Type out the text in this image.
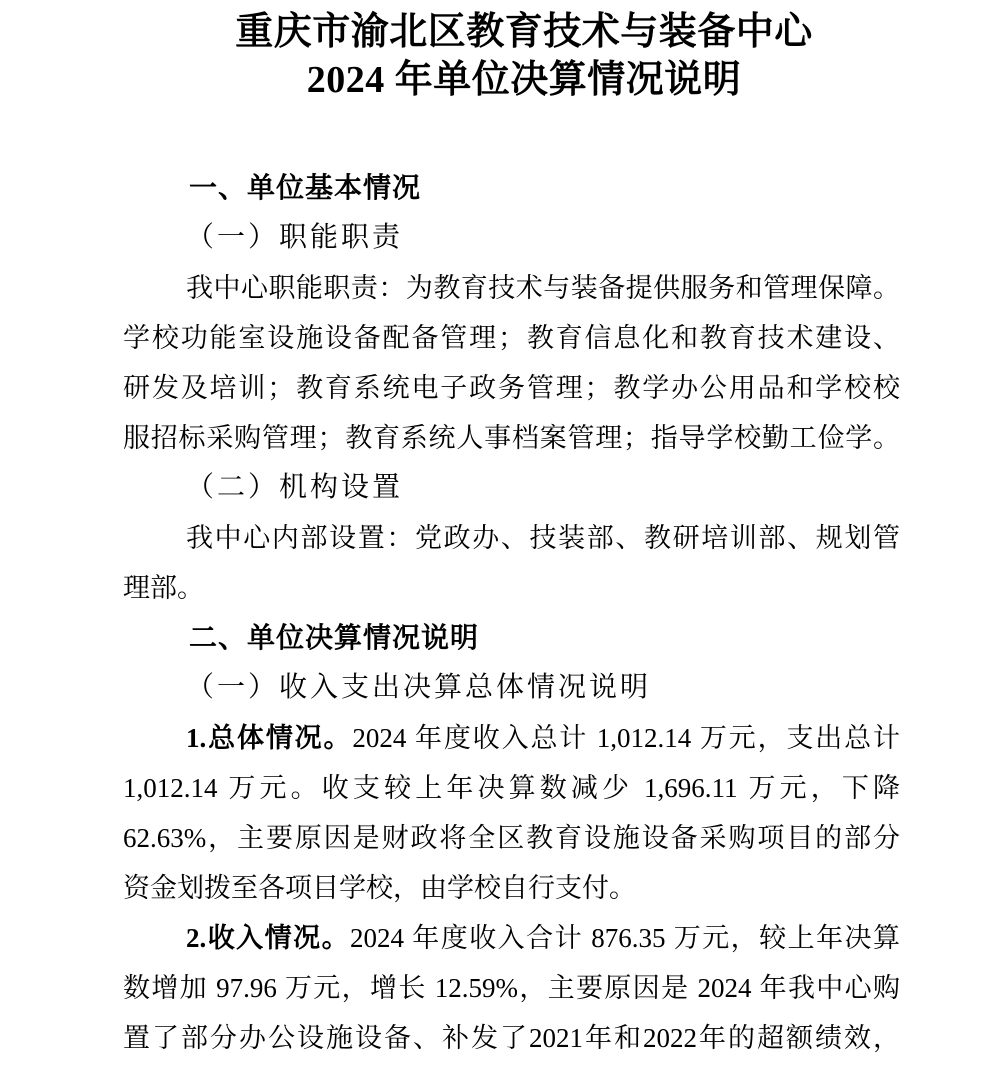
重庆市渝北区教育技术与装备中心
2024 年单位决算情况说明
一、单位基本情况
（一）职能职责
我中心职能职责：为教育技术与装备提供服务和管理保障。
学校功能室设施设备配备管理；教育信息化和教育技术建设、
研发及培训；教育系统电子政务管理；教学办公用品和学校校
服招标采购管理；教育系统人事档案管理；指导学校勤工俭学。
（二）机构设置
我中心内部设置：党政办、技装部、教研培训部、规划管
理部。
二、单位决算情况说明
（一）收入支出决算总体情况说明
1.总体情况。2024 年度收入总计 1,012.14 万元，支出总计
1,012.14 万元。收支较上年决算数减少 1,696.11 万元，下降
62.63%，主要原因是财政将全区教育设施设备采购项目的部分
资金划拨至各项目学校，由学校自行支付。
2.收入情况。2024 年度收入合计 876.35 万元，较上年决算
数增加 97.96 万元，增长 12.59%，主要原因是 2024 年我中心购
置了部分办公设施设备、补发了2021年和2022年的超额绩效，
